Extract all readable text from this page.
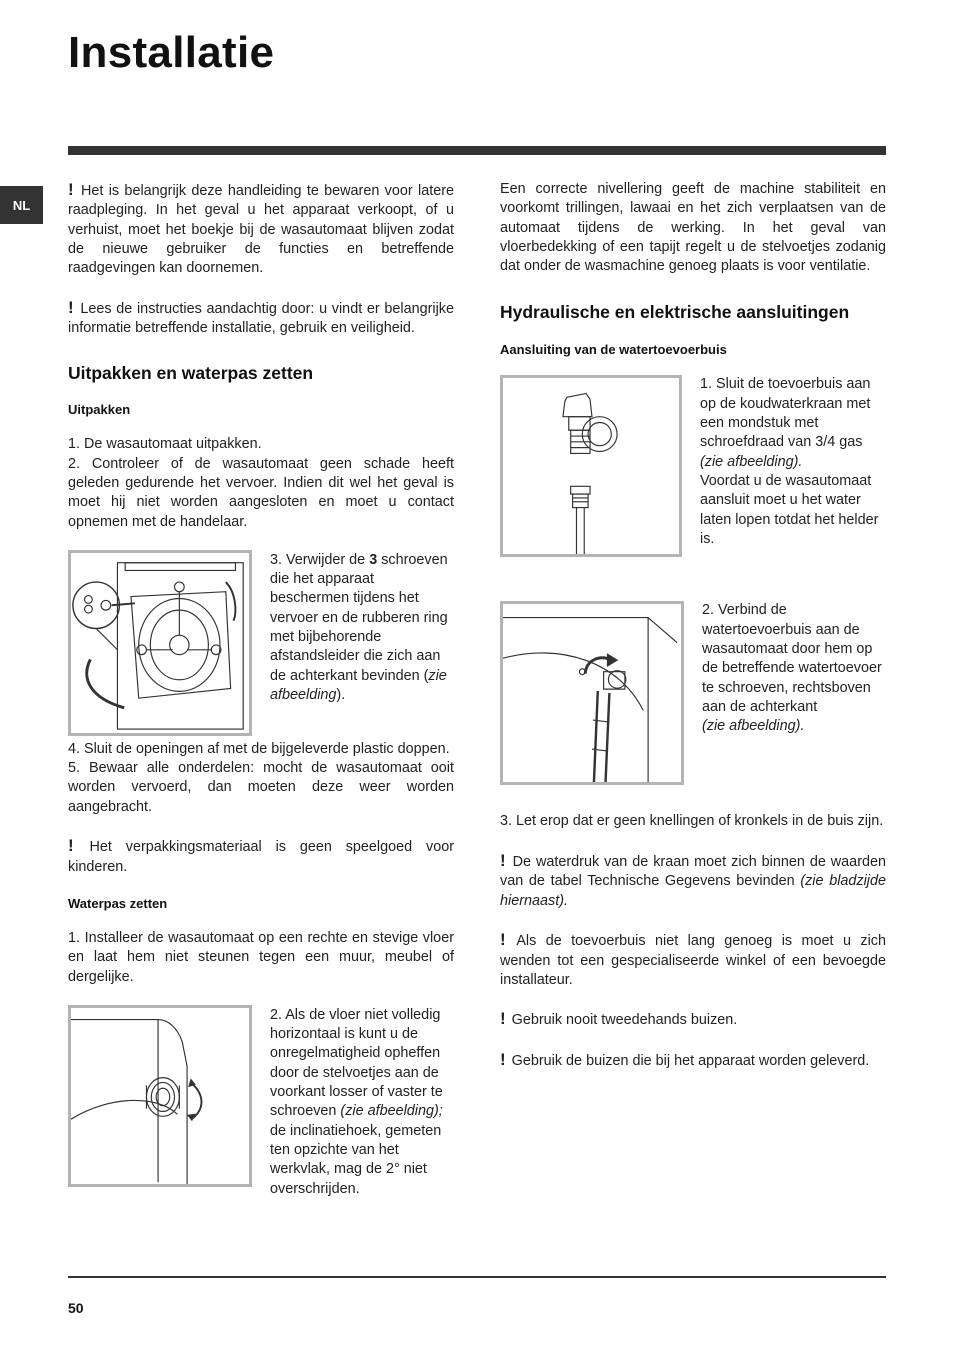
Installatie
NL

! Het is belangrijk deze handleiding te bewaren voor latere raadpleging. In het geval u het apparaat verkoopt, of u verhuist, moet het boekje bij de wasautomaat blijven zodat de nieuwe gebruiker de functies en betreffende raadgevingen kan doornemen.

! Lees de instructies aandachtig door: u vindt er belangrijke informatie betreffende installatie, gebruik en veiligheid.

Uitpakken en waterpas zetten
Uitpakken

1. De wasautomaat uitpakken.

2. Controleer of de wasautomaat geen schade heeft geleden gedurende het vervoer. Indien dit wel het geval is moet hij niet worden aangesloten en moet u contact opnemen met de handelaar.

3. Verwijder de 3 schroeven die het apparaat beschermen tijdens het vervoer en de rubberen ring met bijbehorende afstandsleider die zich aan de achterkant bevinden (zie afbeelding).

4. Sluit de openingen af met de bijgeleverde plastic doppen.

5. Bewaar alle onderdelen: mocht de wasautomaat ooit worden vervoerd, dan moeten deze weer worden aangebracht.

! Het verpakkingsmateriaal is geen speelgoed voor kinderen.

Waterpas zetten

1. Installeer de wasautomaat op een rechte en stevige vloer en laat hem niet steunen tegen een muur, meubel of dergelijke.

2. Als de vloer niet volledig horizontaal is kunt u de onregelmatigheid opheffen door de stelvoetjes aan de voorkant losser of vaster te schroeven (zie afbeelding); de inclinatiehoek, gemeten ten opzichte van het werkvlak, mag de 2° niet overschrijden.

Een correcte nivellering geeft de machine stabiliteit en voorkomt trillingen, lawaai en het zich verplaatsen van de automaat tijdens de werking. In het geval van vloerbedekking of een tapijt regelt u de stelvoetjes zodanig dat onder de wasmachine genoeg plaats is voor ventilatie.

Hydraulische en elektrische aansluitingen
Aansluiting van de watertoevoerbuis

1. Sluit de toevoerbuis aan op de koudwaterkraan met een mondstuk met schroefdraad van 3/4 gas (zie afbeelding).
Voordat u de wasautomaat aansluit moet u het water laten lopen totdat het helder is.

2. Verbind de watertoevoerbuis aan de wasautomaat door hem op de betreffende watertoevoer te schroeven, rechtsboven aan de achterkant
(zie afbeelding).

3. Let erop dat er geen knellingen of kronkels in de buis zijn.

! De waterdruk van de kraan moet zich binnen de waarden van de tabel Technische Gegevens bevinden (zie bladzijde hiernaast).

! Als de toevoerbuis niet lang genoeg is moet u zich wenden tot een gespecialiseerde winkel of een bevoegde installateur.

! Gebruik nooit tweedehands buizen.

! Gebruik de buizen die bij het apparaat worden geleverd.

50
